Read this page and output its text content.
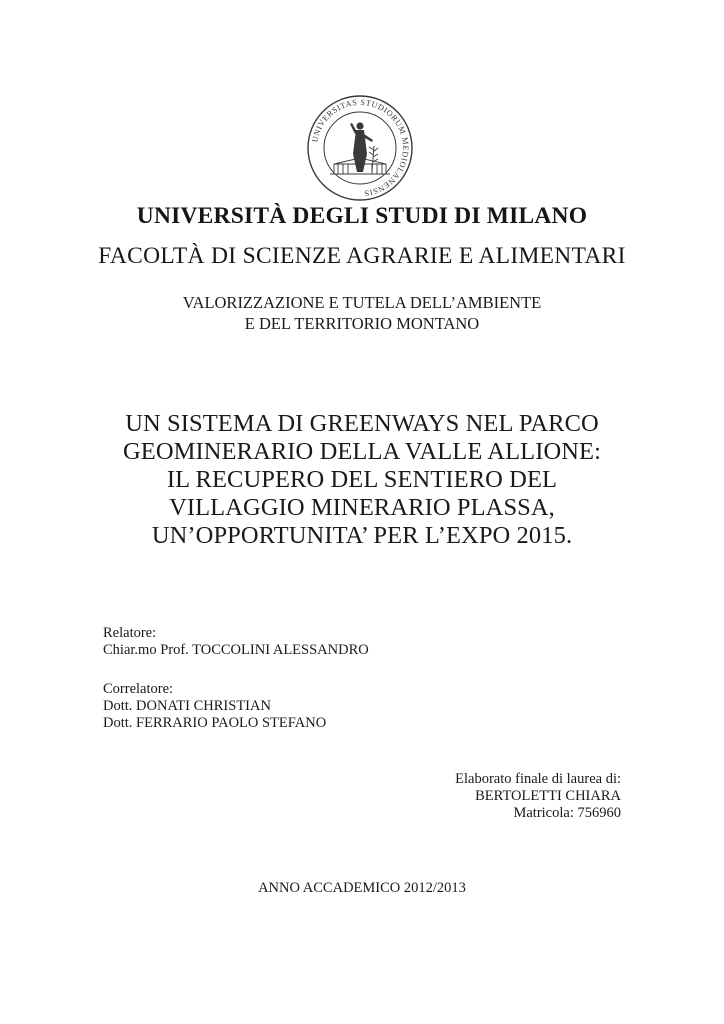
UNIVERSITAS STUDIORUM MEDIOLANENSIS
UNIVERSITÀ DEGLI STUDI DI MILANO
FACOLTÀ DI SCIENZE AGRARIE E ALIMENTARI
VALORIZZAZIONE E TUTELA DELL’AMBIENTE
E DEL TERRITORIO MONTANO
UN SISTEMA DI GREENWAYS NEL PARCO
GEOMINERARIO DELLA VALLE ALLIONE:
IL RECUPERO DEL SENTIERO DEL
VILLAGGIO MINERARIO PLASSA,
UN’OPPORTUNITA’ PER L’EXPO 2015.
Relatore:
Chiar.mo Prof. TOCCOLINI ALESSANDRO
Correlatore:
Dott. DONATI CHRISTIAN
Dott. FERRARIO PAOLO STEFANO
Elaborato finale di laurea di:
BERTOLETTI CHIARA
Matricola: 756960
ANNO ACCADEMICO 2012/2013
